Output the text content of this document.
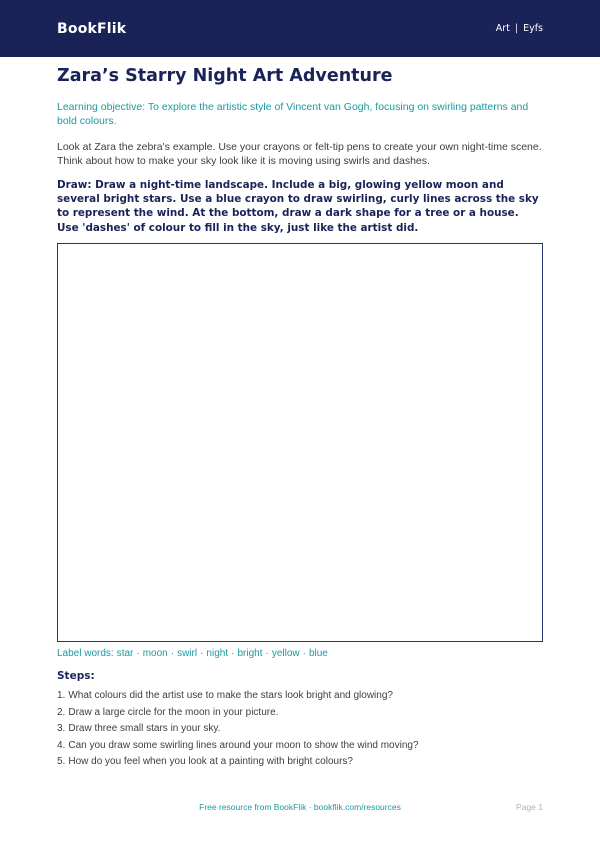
BookFlik	Art | Eyfs
Zara’s Starry Night Art Adventure

Learning objective: To explore the artistic style of Vincent van Gogh, focusing on swirling patterns and bold colours.

Look at Zara the zebra's example. Use your crayons or felt-tip pens to create your own night-time scene. Think about how to make your sky look like it is moving using swirls and dashes.

Draw: Draw a night-time landscape. Include a big, glowing yellow moon and several bright stars. Use a blue crayon to draw swirling, curly lines across the sky to represent the wind. At the bottom, draw a dark shape for a tree or a house. Use 'dashes' of colour to fill in the sky, just like the artist did.

Label words: star · moon · swirl · night · bright · yellow · blue
Steps:
1. What colours did the artist use to make the stars look bright and glowing?
2. Draw a large circle for the moon in your picture.
3. Draw three small stars in your sky.
4. Can you draw some swirling lines around your moon to show the wind moving?
5. How do you feel when you look at a painting with bright colours?
Free resource from BookFlik · bookflik.com/resources	Page 1
